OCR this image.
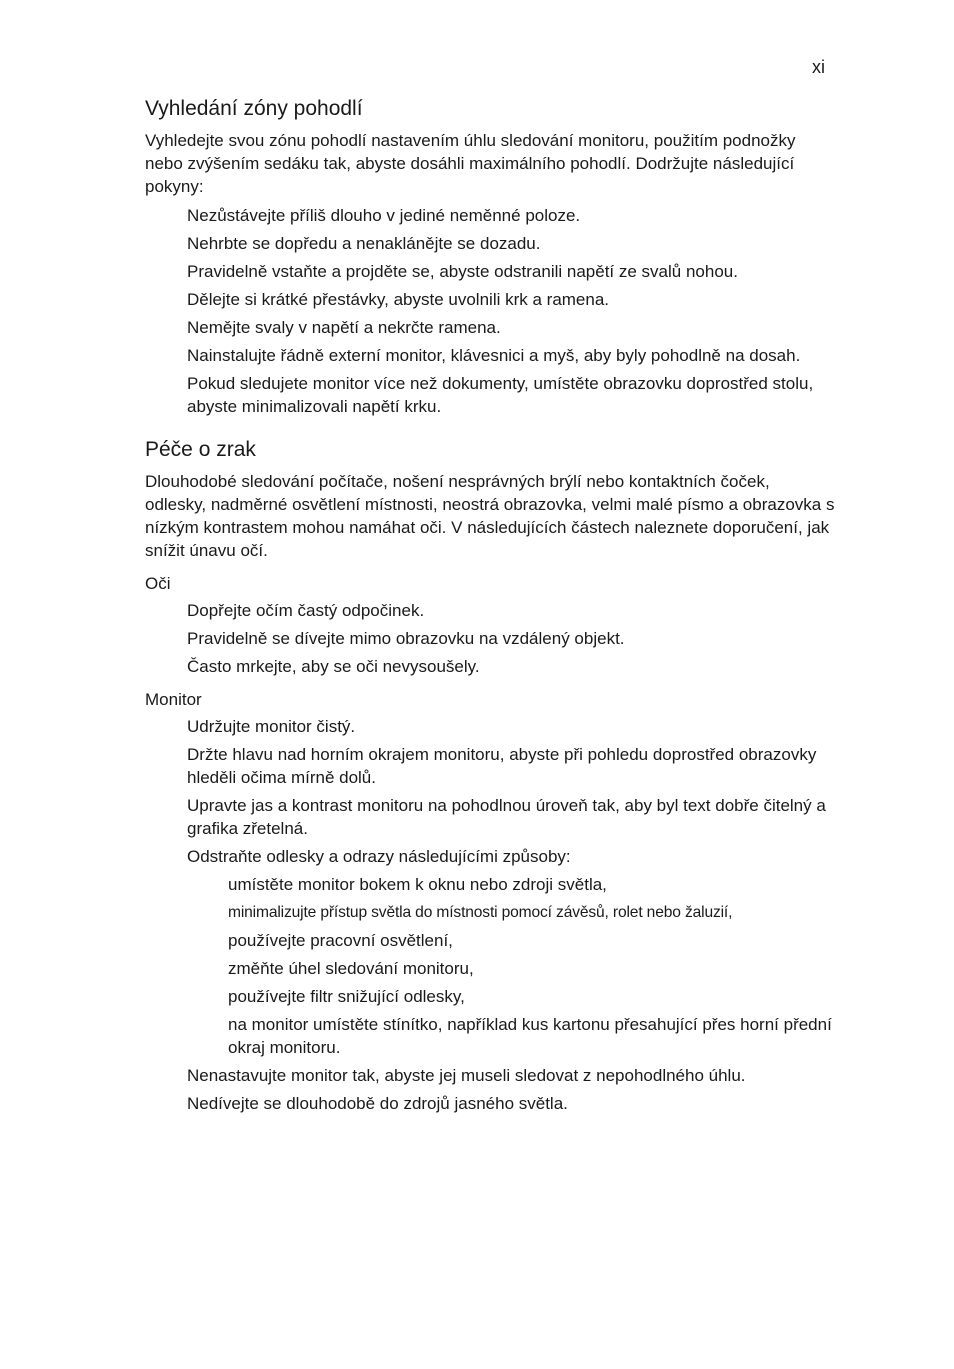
xi
Vyhledání zóny pohodlí

Vyhledejte svou zónu pohodlí nastavením úhlu sledování monitoru, použitím podnožky nebo zvýšením sedáku tak, abyste dosáhli maximálního pohodlí. Dodržujte následující pokyny:

Nezůstávejte příliš dlouho v jediné neměnné poloze.
Nehrbte se dopředu a nenaklánějte se dozadu.
Pravidelně vstaňte a projděte se, abyste odstranili napětí ze svalů nohou.
Dělejte si krátké přestávky, abyste uvolnili krk a ramena.
Nemějte svaly v napětí a nekrčte ramena.
Nainstalujte řádně externí monitor, klávesnici a myš, aby byly pohodlně na dosah.
Pokud sledujete monitor více než dokumenty, umístěte obrazovku doprostřed stolu, abyste minimalizovali napětí krku.
Péče o zrak

Dlouhodobé sledování počítače, nošení nesprávných brýlí nebo kontaktních čoček, odlesky, nadměrné osvětlení místnosti, neostrá obrazovka, velmi malé písmo a obrazovka s nízkým kontrastem mohou namáhat oči. V následujících částech naleznete doporučení, jak snížit únavu očí.

Oči
Dopřejte očím častý odpočinek.
Pravidelně se dívejte mimo obrazovku na vzdálený objekt.
Často mrkejte, aby se oči nevysoušely.
Monitor
Udržujte monitor čistý.
Držte hlavu nad horním okrajem monitoru, abyste při pohledu doprostřed obrazovky hleděli očima mírně dolů.
Upravte jas a kontrast monitoru na pohodlnou úroveň tak, aby byl text dobře čitelný a grafika zřetelná.
Odstraňte odlesky a odrazy následujícími způsoby:
umístěte monitor bokem k oknu nebo zdroji světla,
minimalizujte přístup světla do místnosti pomocí závěsů, rolet nebo žaluzií,
používejte pracovní osvětlení,
změňte úhel sledování monitoru,
používejte filtr snižující odlesky,
na monitor umístěte stínítko, například kus kartonu přesahující přes horní přední okraj monitoru.
Nenastavujte monitor tak, abyste jej museli sledovat z nepohodlného úhlu.
Nedívejte se dlouhodobě do zdrojů jasného světla.
